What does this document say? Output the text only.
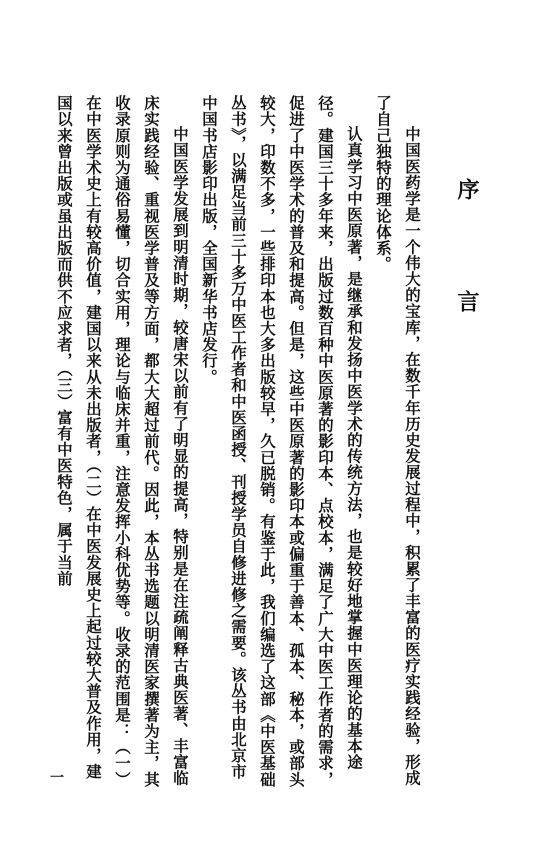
序　言

中国医药学是一个伟大的宝库，在数千年历史发展过程中，积累了丰富的医疗实践经验，形成了自己独特的理论体系。

认真学习中医原著，是继承和发扬中医学术的传统方法，也是较好地掌握中医理论的基本途径。建国三十多年来，出版过数百种中医原著的影印本、点校本，满足了广大中医工作者的需求，促进了中医学术的普及和提高。但是，这些中医原著的影印本或偏重于善本、孤本、秘本，或部头较大，印数不多，一些排印本也大多出版较早，久已脱销。有鉴于此，我们编选了这部《中医基础丛书》，以满足当前三十多万中医工作者和中医函授、刊授学员自修进修之需要。该丛书由北京市中国书店影印出版，全国新华书店发行。

中国医学发展到明清时期，较唐宋以前有了明显的提高，特别是在注疏阐释古典医著、丰富临床实践经验、重视医学普及等方面，都大大超过前代。因此，本丛书选题以明清医家撰著为主，其收录原则为通俗易懂，切合实用，理论与临床并重，注意发挥小科优势等。收录的范围是：（一）在中医学术史上有较高价值，建国以来从未出版者，（二）在中医发展史上起过较大普及作用，建国以来曾出版或虽出版而供不应求者，（三）富有中医特色，属于当前

一
